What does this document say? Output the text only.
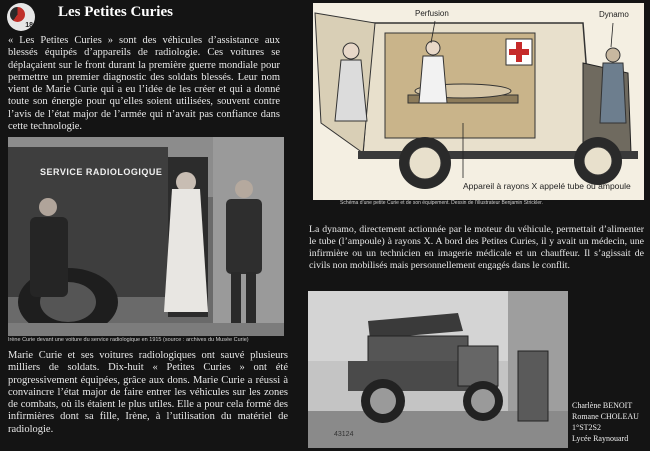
18
Les Petites Curies
« Les Petites Curies » sont des véhicules d’assistance aux blessés équipés d’appareils de radiologie. Ces voitures se déplaçaient sur le front durant la première guerre mondiale pour permettre un premier diagnostic des soldats blessés. Leur nom vient de Marie Curie qui a eu l’idée de les créer et qui a donné toute son énergie pour qu’elles soient utilisées, souvent contre l’avis de l’état major de l’armée qui n’avait pas confiance dans cette technologie.
SERVICE RADIOLOGIQUE
Irène Curie devant une voiture du service radiologique en 1915 (source : archives du Musée Curie)
Marie Curie et ses voitures radiologiques ont sauvé plusieurs milliers de soldats. Dix-huit « Petites Curies » ont été progressivement équipées, grâce aux dons. Marie Curie a réussi à convaincre l’état major de faire entrer les véhicules sur les zones de combats, où ils étaient le plus utiles. Elle a pour cela formé des infirmières dont sa fille, Irène, à l’utilisation du matériel de radiologie.
Perfusion	Dynamo
Appareil à rayons X appelé tube ou ampoule
Schéma d’une petite Curie et de son équipement. Dessin de l’illustrateur Benjamin Strickler.
La dynamo, directement actionnée par le moteur du véhicule, permettait d’alimenter le tube (l’ampoule) à rayons X. A bord des Petites Curies, il y avait un médecin, une infirmière ou un technicien en imagerie médicale et un chauffeur. Il s’agissait de civils non mobilisés mais personnellement engagés dans le conflit.
43124
Charlène BENOIT
Romane CHOLEAU
1°ST2S2
Lycée Raynouard
